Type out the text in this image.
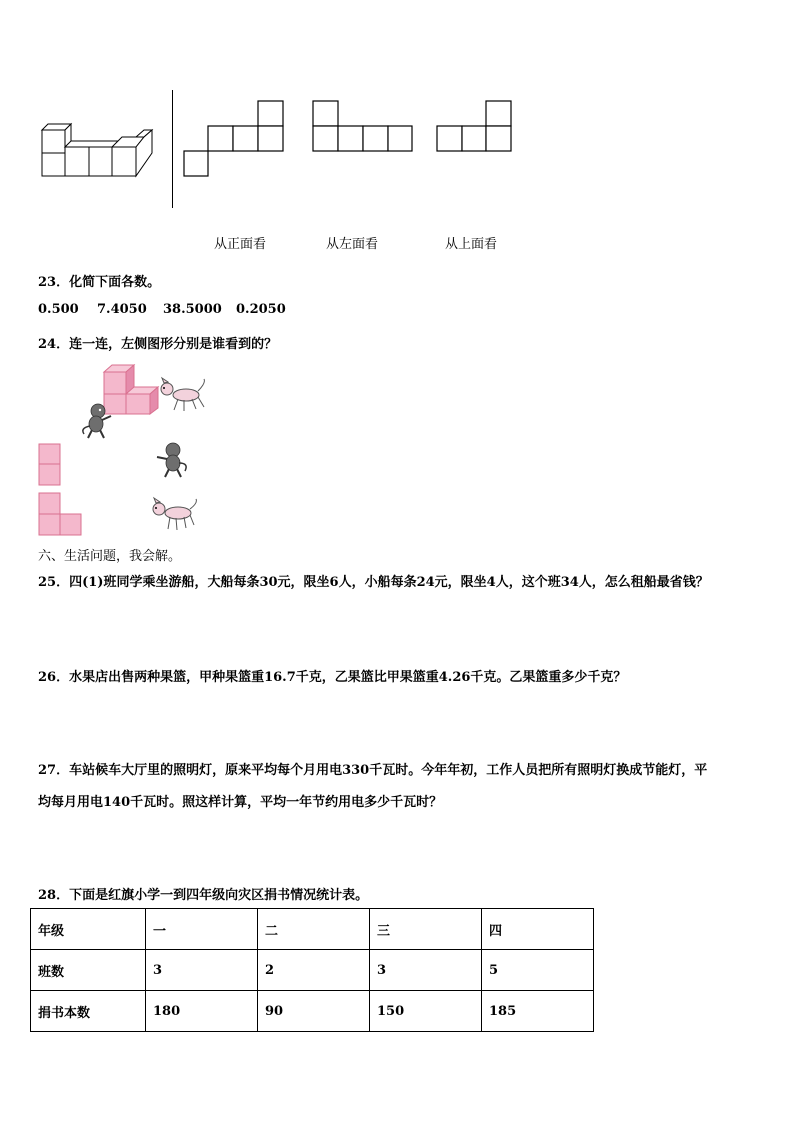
从正面看	从左面看	从上面看
23．化简下面各数。
0.500 7.4050 38.5000 0.2050
24．连一连，左侧图形分别是谁看到的？
六、生活问题，我会解。
25．四(1)班同学乘坐游船，大船每条30元，限坐6人，小船每条24元，限坐4人，这个班34人，怎么租船最省钱？
26．水果店出售两种果篮，甲种果篮重16.7千克，乙果篮比甲果篮重4.26千克。乙果篮重多少千克？
27．车站候车大厅里的照明灯，原来平均每个月用电330千瓦时。今年年初，工作人员把所有照明灯换成节能灯，平
均每月用电140千瓦时。照这样计算，平均一年节约用电多少千瓦时？
28．下面是红旗小学一到四年级向灾区捐书情况统计表。
年级	一	二	三	四
班数	3	2	3	5
捐书本数	180	90	150	185
